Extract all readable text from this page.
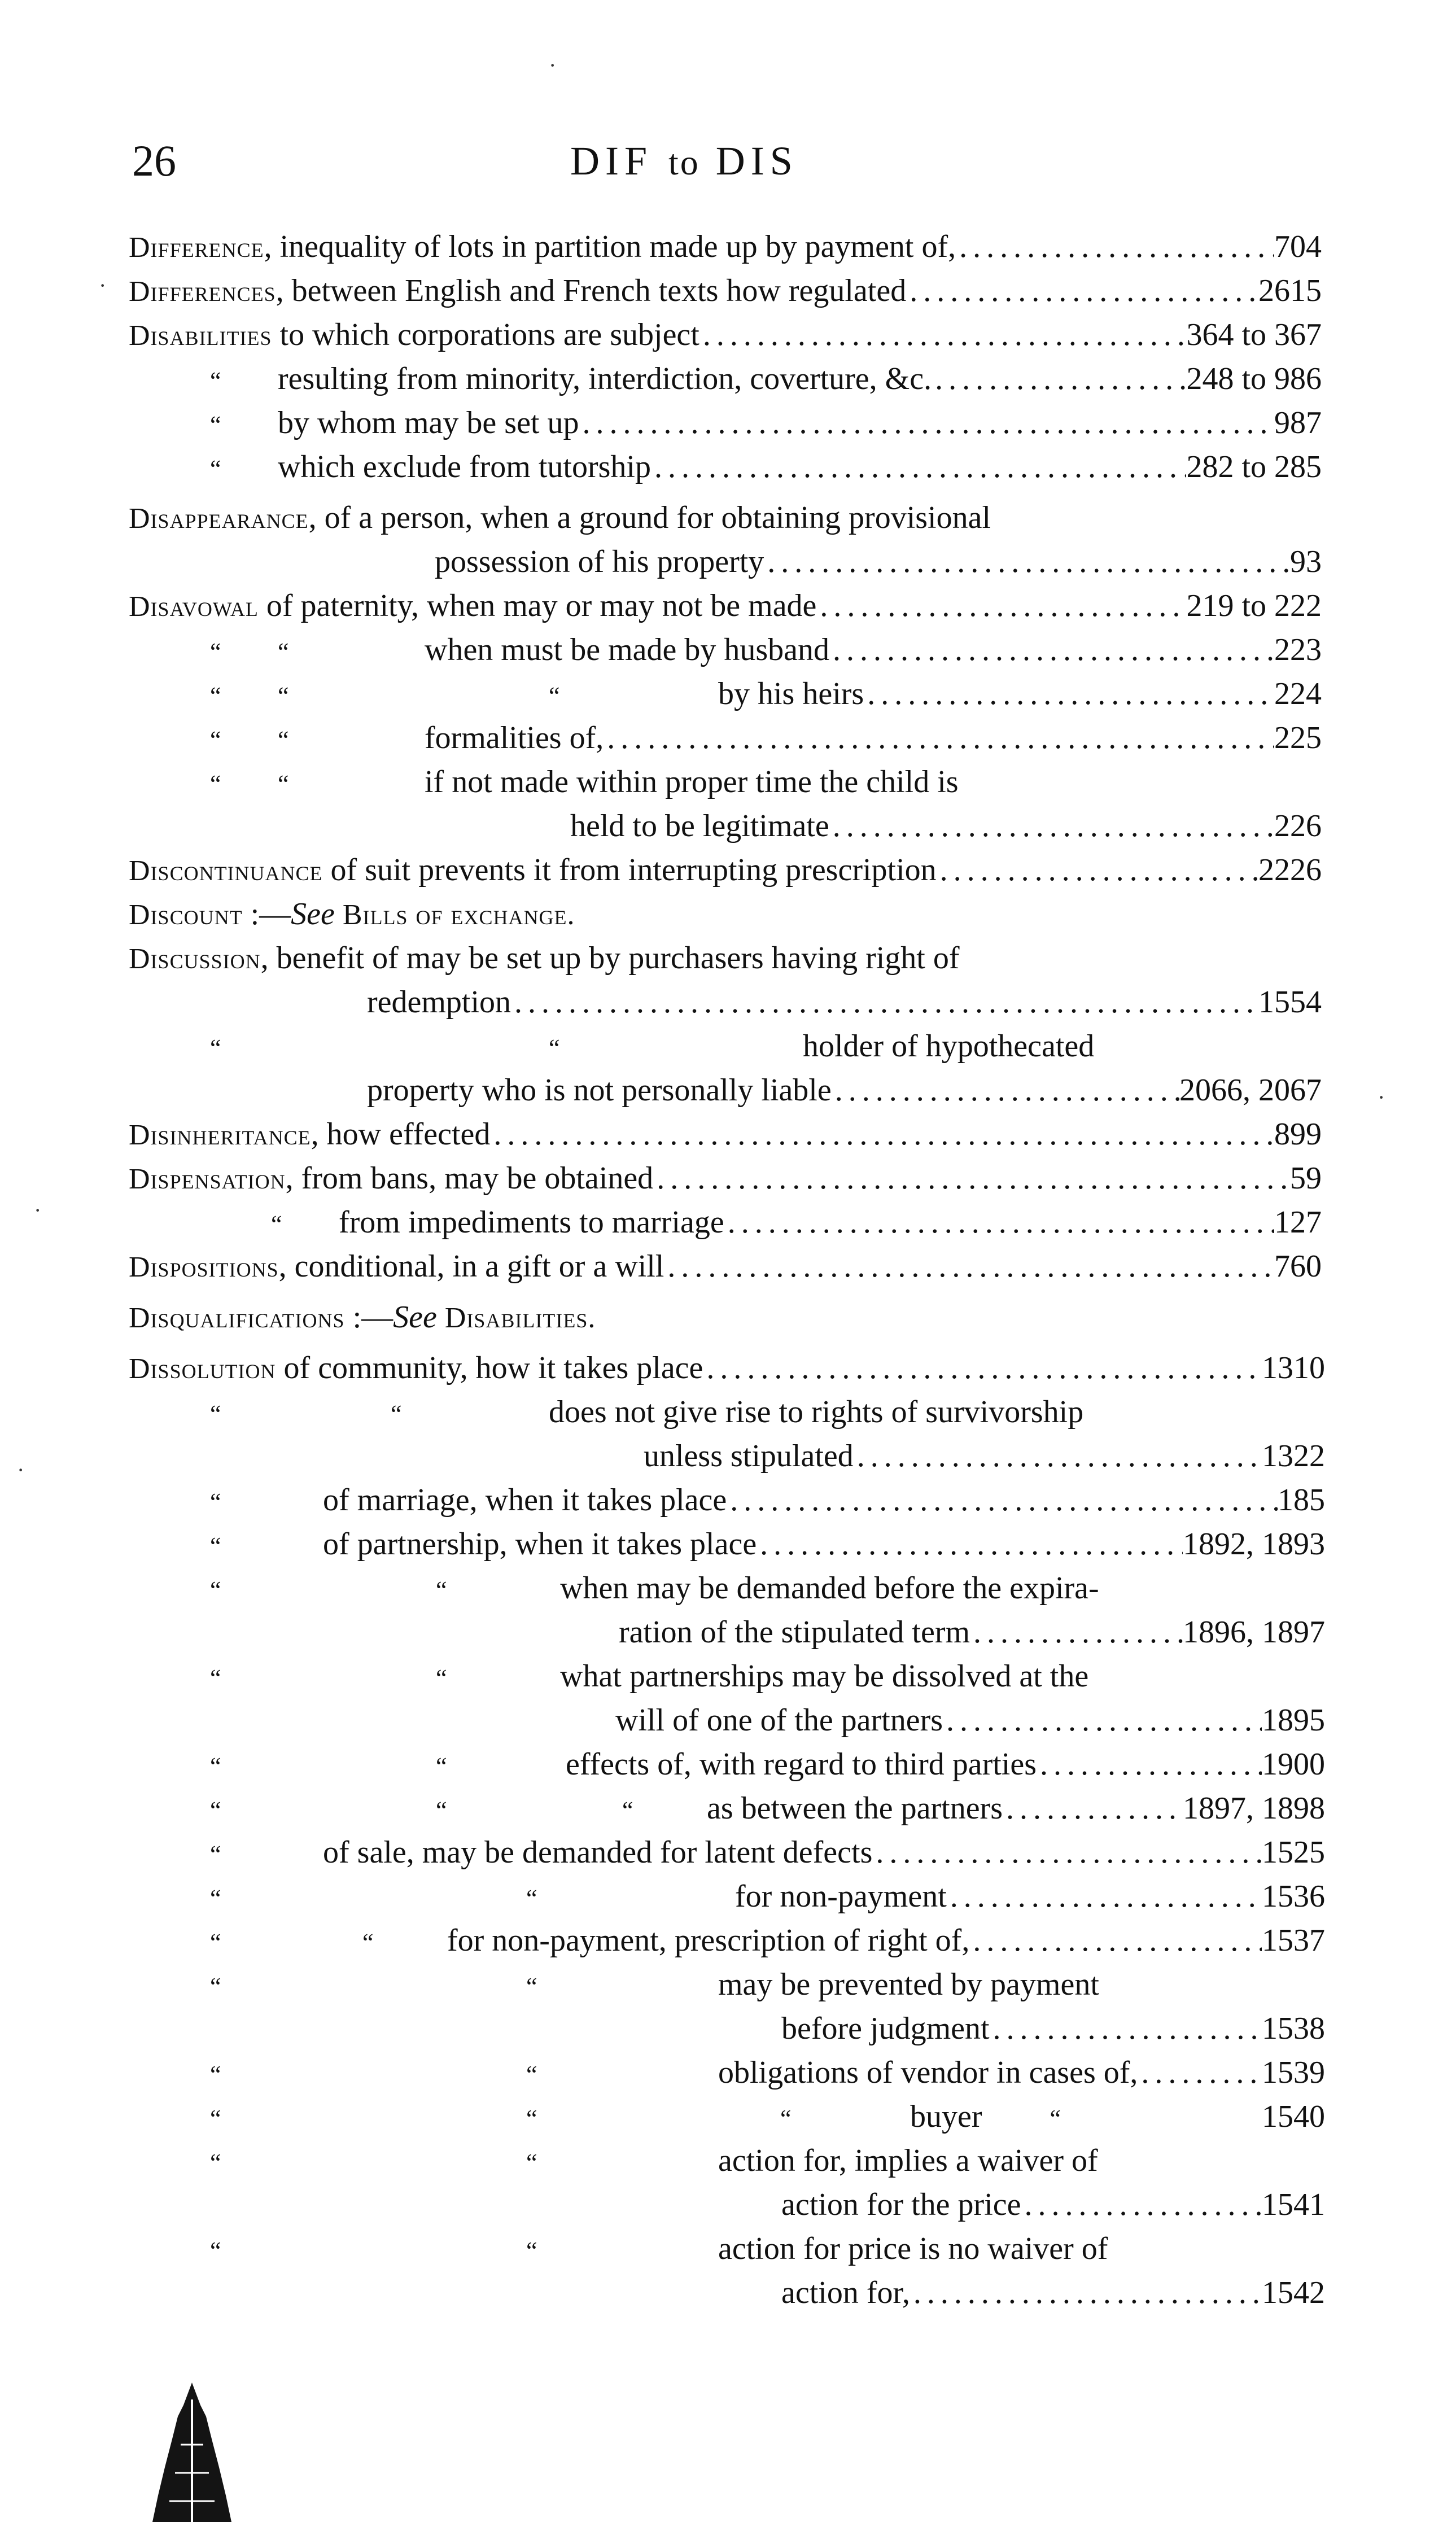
26	DIF to DIS
Difference, inequality of lots in partition made up by payment of, . . .	704
Differences, between English and French texts how regulated . . .	2615
Disabilities to which corporations are subject . . .	364 to 367
“ resulting from minority, interdiction, coverture, &c. . . .	248 to 986
“ by whom may be set up . . .	987
“ which exclude from tutorship . . .	282 to 285
Disappearance, of a person, when a ground for obtaining provisional
possession of his property . . .	93
Disavowal of paternity, when may or may not be made . . .	219 to 222
“ “	when must be made by husband . . .	223
“ “	“	by his heirs . . .	224
“ “	formalities of, . . .	225
“ “	if not made within proper time the child is
held to be legitimate . . .	226
Discontinuance of suit prevents it from interrupting prescription . . .	2226
Discount :—See Bills of exchange.
Discussion, benefit of may be set up by purchasers having right of
redemption . . .	1554
“	“	holder of hypothecated
property who is not personally liable . . .	2066, 2067
Disinheritance, how effected . . .	899
Dispensation, from bans, may be obtained . . .	59
“ from impediments to marriage . . .	127
Dispositions, conditional, in a gift or a will . . .	760
Disqualifications :—See Disabilities.
Dissolution of community, how it takes place . . .	1310
“	“	does not give rise to rights of survivorship
unless stipulated . . .	1322
“	of marriage, when it takes place . . .	185
“	of partnership, when it takes place . . .	1892, 1893
“	“	when may be demanded before the expira-
ration of the stipulated term . . .	1896, 1897
“	“	what partnerships may be dissolved at the
will of one of the partners . . .	1895
“	“	effects of, with regard to third parties . . .	1900
“	“	“ as between the partners . . .	1897, 1898
“	of sale, may be demanded for latent defects . . .	1525
“	“	for non-payment . . .	1536
“	“ for non-payment, prescription of right of, . . .	1537
“	“	may be prevented by payment
before judgment . . .	1538
“	“	obligations of vendor in cases of, . . .	1539
“	“	“	buyer	“	1540
“	“	action for, implies a waiver of
action for the price . . .	1541
“	“	action for price is no waiver of
action for, . . .	1542
·
·
·
·
·
